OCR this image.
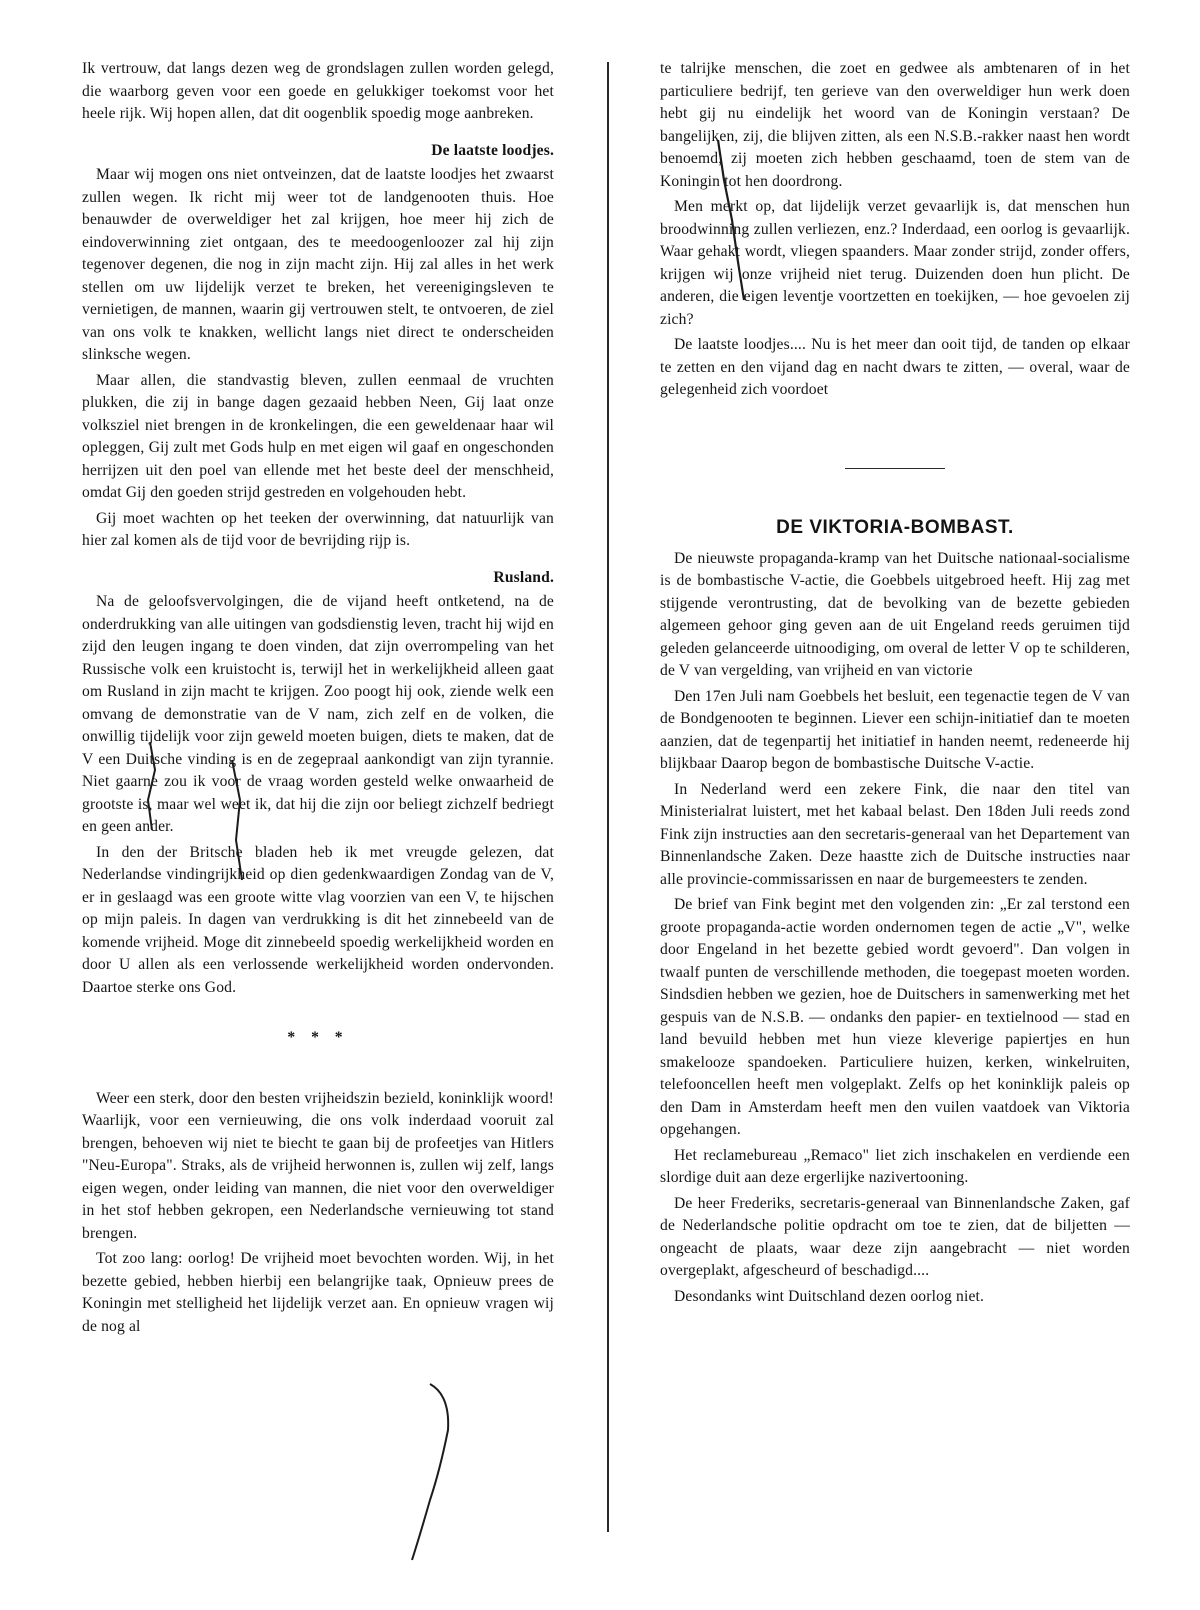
Ik vertrouw, dat langs dezen weg de grondslagen zullen worden gelegd, die waarborg geven voor een goede en gelukkiger toekomst voor het heele rijk. Wij hopen allen, dat dit oogenblik spoedig moge aanbreken.

De laatste loodjes.

Maar wij mogen ons niet ontveinzen, dat de laatste loodjes het zwaarst zullen wegen. Ik richt mij weer tot de landgenooten thuis. Hoe benauwder de overweldiger het zal krijgen, hoe meer hij zich de eindoverwinning ziet ontgaan, des te meedoogenloozer zal hij zijn tegenover degenen, die nog in zijn macht zijn. Hij zal alles in het werk stellen om uw lijdelijk verzet te breken, het vereenigingsleven te vernietigen, de mannen, waarin gij vertrouwen stelt, te ontvoeren, de ziel van ons volk te knakken, wellicht langs niet direct te onderscheiden slinksche wegen.

Maar allen, die standvastig bleven, zullen eenmaal de vruchten plukken, die zij in bange dagen gezaaid hebben Neen, Gij laat onze volksziel niet brengen in de kronkelingen, die een geweldenaar haar wil opleggen, Gij zult met Gods hulp en met eigen wil gaaf en ongeschonden herrijzen uit den poel van ellende met het beste deel der menschheid, omdat Gij den goeden strijd gestreden en volgehouden hebt.

Gij moet wachten op het teeken der overwinning, dat natuurlijk van hier zal komen als de tijd voor de bevrijding rijp is.

Rusland.

Na de geloofsvervolgingen, die de vijand heeft ontketend, na de onderdrukking van alle uitingen van godsdienstig leven, tracht hij wijd en zijd den leugen ingang te doen vinden, dat zijn overrompeling van het Russische volk een kruistocht is, terwijl het in werkelijkheid alleen gaat om Rusland in zijn macht te krijgen. Zoo poogt hij ook, ziende welk een omvang de demonstratie van de V nam, zich zelf en de volken, die onwillig tijdelijk voor zijn geweld moeten buigen, diets te maken, dat de V een Duitsche vinding is en de zegepraal aankondigt van zijn tyrannie. Niet gaarne zou ik voor de vraag worden gesteld welke onwaarheid de grootste is, maar wel weet ik, dat hij die zijn oor beliegt zichzelf bedriegt en geen ander.

In den der Britsche bladen heb ik met vreugde gelezen, dat Nederlandse vindingrijkheid op dien gedenkwaardigen Zondag van de V, er in geslaagd was een groote witte vlag voorzien van een V, te hijschen op mijn paleis. In dagen van verdrukking is dit het zinnebeeld van de komende vrijheid. Moge dit zinnebeeld spoedig werkelijkheid worden en door U allen als een verlossende werkelijkheid worden ondervonden. Daartoe sterke ons God.

* * *

Weer een sterk, door den besten vrijheidszin bezield, koninklijk woord! Waarlijk, voor een vernieuwing, die ons volk inderdaad vooruit zal brengen, behoeven wij niet te biecht te gaan bij de profeetjes van Hitlers "Neu-Europa". Straks, als de vrijheid herwonnen is, zullen wij zelf, langs eigen wegen, onder leiding van mannen, die niet voor den overweldiger in het stof hebben gekropen, een Nederlandsche vernieuwing tot stand brengen.

Tot zoo lang: oorlog! De vrijheid moet bevochten worden. Wij, in het bezette gebied, hebben hierbij een belangrijke taak, Opnieuw prees de Koningin met stelligheid het lijdelijk verzet aan. En opnieuw vragen wij de nog al

te talrijke menschen, die zoet en gedwee als ambtenaren of in het particuliere bedrijf, ten gerieve van den overweldiger hun werk doen hebt gij nu eindelijk het woord van de Koningin verstaan? De bangelijken, zij, die blijven zitten, als een N.S.B.-rakker naast hen wordt benoemd, zij moeten zich hebben geschaamd, toen de stem van de Koningin tot hen doordrong.

Men merkt op, dat lijdelijk verzet gevaarlijk is, dat menschen hun broodwinning zullen verliezen, enz.? Inderdaad, een oorlog is gevaarlijk. Waar gehakt wordt, vliegen spaanders. Maar zonder strijd, zonder offers, krijgen wij onze vrijheid niet terug. Duizenden doen hun plicht. De anderen, die eigen leventje voortzetten en toekijken, — hoe gevoelen zij zich?

De laatste loodjes.... Nu is het meer dan ooit tijd, de tanden op elkaar te zetten en den vijand dag en nacht dwars te zitten, — overal, waar de gelegenheid zich voordoet

DE VIKTORIA-BOMBAST.

De nieuwste propaganda-kramp van het Duitsche nationaal-socialisme is de bombastische V-actie, die Goebbels uitgebroed heeft. Hij zag met stijgende verontrusting, dat de bevolking van de bezette gebieden algemeen gehoor ging geven aan de uit Engeland reeds geruimen tijd geleden gelanceerde uitnoodiging, om overal de letter V op te schilderen, de V van vergelding, van vrijheid en van victorie

Den 17en Juli nam Goebbels het besluit, een tegenactie tegen de V van de Bondgenooten te beginnen. Liever een schijn-initiatief dan te moeten aanzien, dat de tegenpartij het initiatief in handen neemt, redeneerde hij blijkbaar Daarop begon de bombastische Duitsche V-actie.

In Nederland werd een zekere Fink, die naar den titel van Ministerialrat luistert, met het kabaal belast. Den 18den Juli reeds zond Fink zijn instructies aan den secretaris-generaal van het Departement van Binnenlandsche Zaken. Deze haastte zich de Duitsche instructies naar alle provincie-commissarissen en naar de burgemeesters te zenden.

De brief van Fink begint met den volgenden zin: „Er zal terstond een groote propaganda-actie worden ondernomen tegen de actie „V", welke door Engeland in het bezette gebied wordt gevoerd". Dan volgen in twaalf punten de verschillende methoden, die toegepast moeten worden. Sindsdien hebben we gezien, hoe de Duitschers in samenwerking met het gespuis van de N.S.B. — ondanks den papier- en textielnood — stad en land bevuild hebben met hun vieze kleverige papiertjes en hun smakelooze spandoeken. Particuliere huizen, kerken, winkelruiten, telefooncellen heeft men volgeplakt. Zelfs op het koninklijk paleis op den Dam in Amsterdam heeft men den vuilen vaatdoek van Viktoria opgehangen.

Het reclamebureau „Remaco" liet zich inschakelen en verdiende een slordige duit aan deze ergerlijke nazivertooning.

De heer Frederiks, secretaris-generaal van Binnenlandsche Zaken, gaf de Nederlandsche politie opdracht om toe te zien, dat de biljetten — ongeacht de plaats, waar deze zijn aangebracht — niet worden overgeplakt, afgescheurd of beschadigd....

Desondanks wint Duitschland dezen oorlog niet.
